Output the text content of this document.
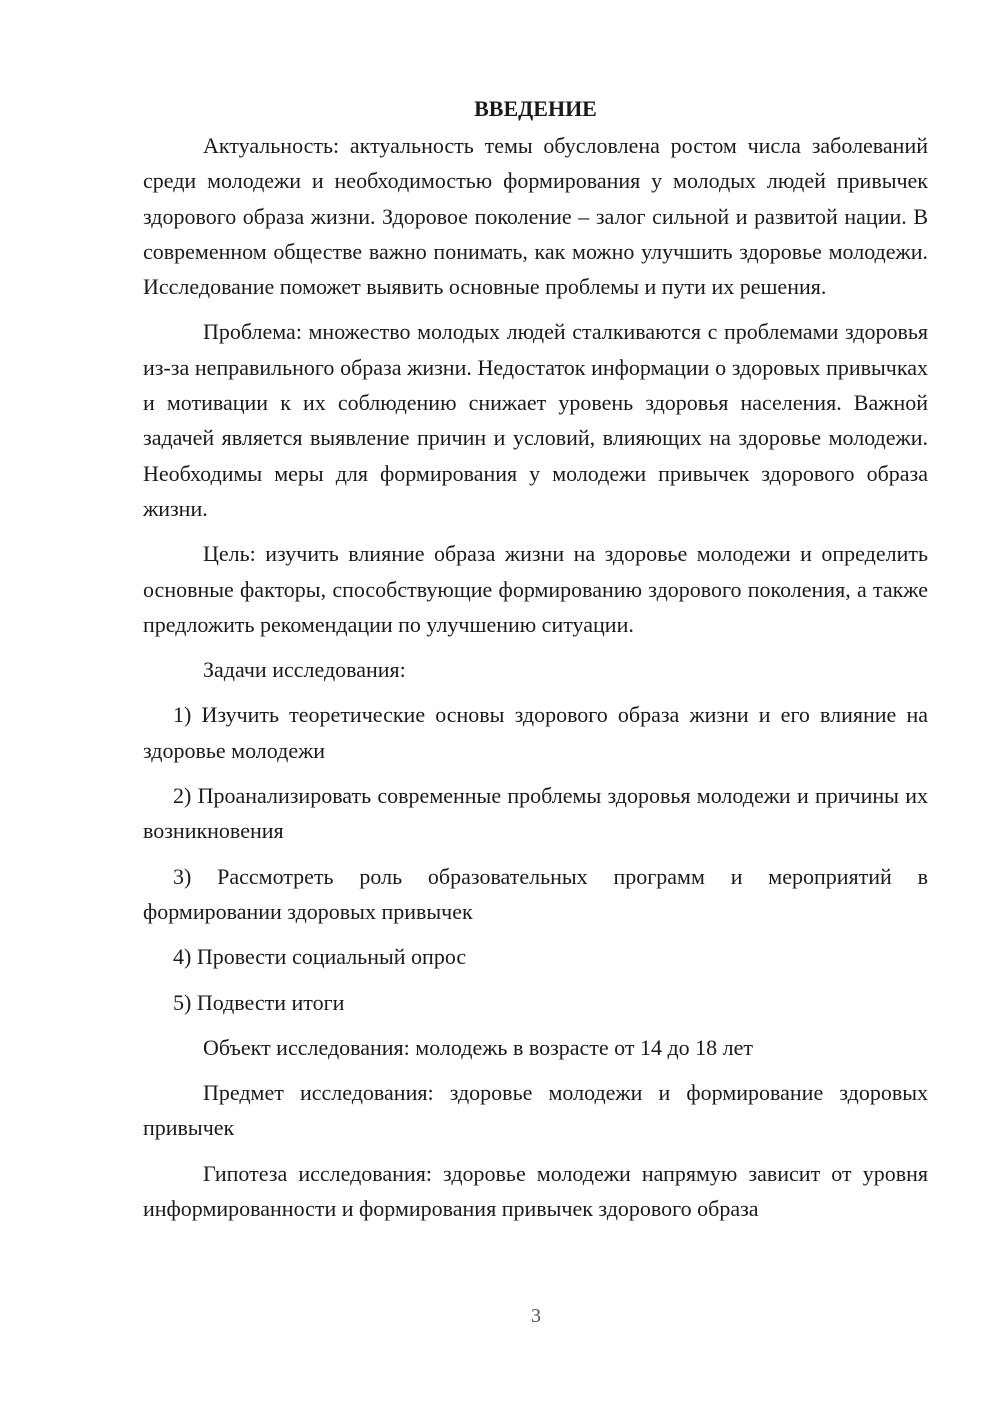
ВВЕДЕНИЕ

Актуальность: актуальность темы обусловлена ростом числа заболеваний среди молодежи и необходимостью формирования у молодых людей привычек здорового образа жизни. Здоровое поколение – залог сильной и развитой нации. В современном обществе важно понимать, как можно улучшить здоровье молодежи. Исследование поможет выявить основные проблемы и пути их решения.

Проблема: множество молодых людей сталкиваются с проблемами здоровья из-за неправильного образа жизни. Недостаток информации о здоровых привычках и мотивации к их соблюдению снижает уровень здоровья населения. Важной задачей является выявление причин и условий, влияющих на здоровье молодежи. Необходимы меры для формирования у молодежи привычек здорового образа жизни.

Цель: изучить влияние образа жизни на здоровье молодежи и определить основные факторы, способствующие формированию здорового поколения, а также предложить рекомендации по улучшению ситуации.

Задачи исследования:

1) Изучить теоретические основы здорового образа жизни и его влияние на здоровье молодежи

2) Проанализировать современные проблемы здоровья молодежи и причины их возникновения

3) Рассмотреть роль образовательных программ и мероприятий в формировании здоровых привычек

4) Провести социальный опрос

5) Подвести итоги

Объект исследования: молодежь в возрасте от 14 до 18 лет

Предмет исследования: здоровье молодежи и формирование здоровых привычек

Гипотеза исследования: здоровье молодежи напрямую зависит от уровня информированности и формирования привычек здорового образа

3
